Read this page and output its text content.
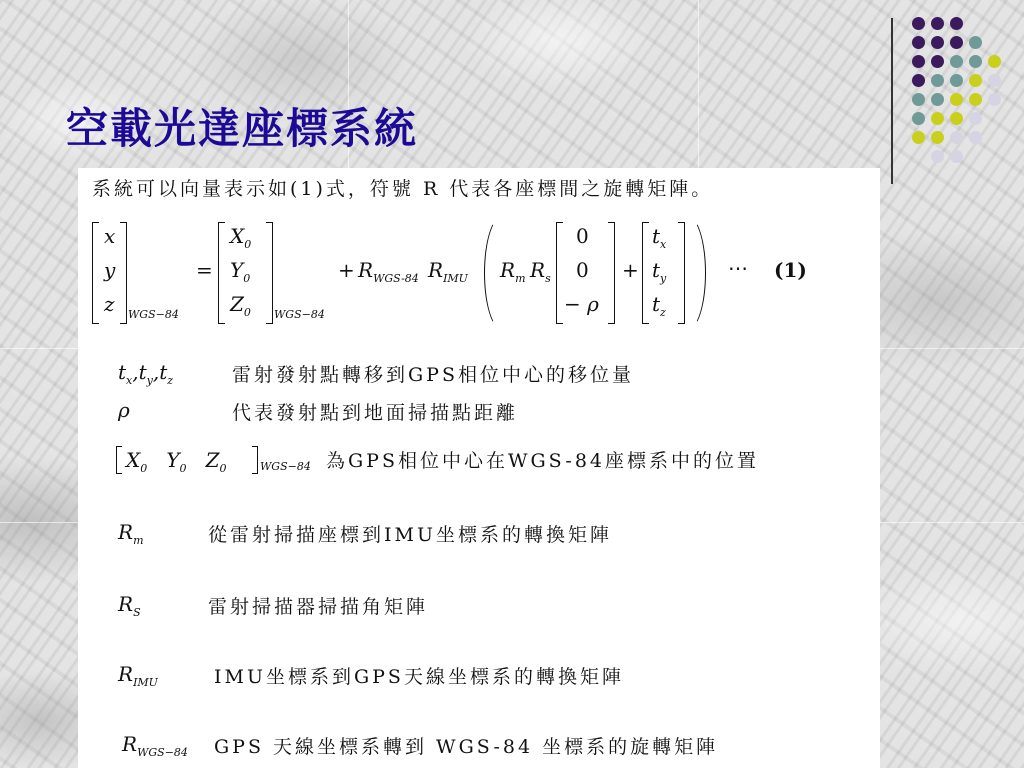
空載光達座標系統
系統可以向量表示如(1)式，符號 R 代表各座標間之旋轉矩陣。
x
y
z WGS−84
=
$X_0$
$Y_0$
$Z_0$ WGS−84
+ $R_{WGS-84}$ $R_{IMU}$ $R_m$ $R_s$
0
0
− ρ
+
$t_x$
$t_y$
$t_z$
⋯ (1)
$t_x,t_y,t_z$	雷射發射點轉移到GPS相位中心的移位量
ρ	代表發射點到地面掃描點距離
$X_0$ $Y_0$ $Z_0$	WGS−84 為GPS相位中心在WGS-84座標系中的位置
$R_m$	從雷射掃描座標到IMU坐標系的轉換矩陣
$R_S$	雷射掃描器掃描角矩陣
$R_{IMU}$	IMU坐標系到GPS天線坐標系的轉換矩陣
$R_{WGS-84}$ GPS 天線坐標系轉到 WGS-84 坐標系的旋轉矩陣
